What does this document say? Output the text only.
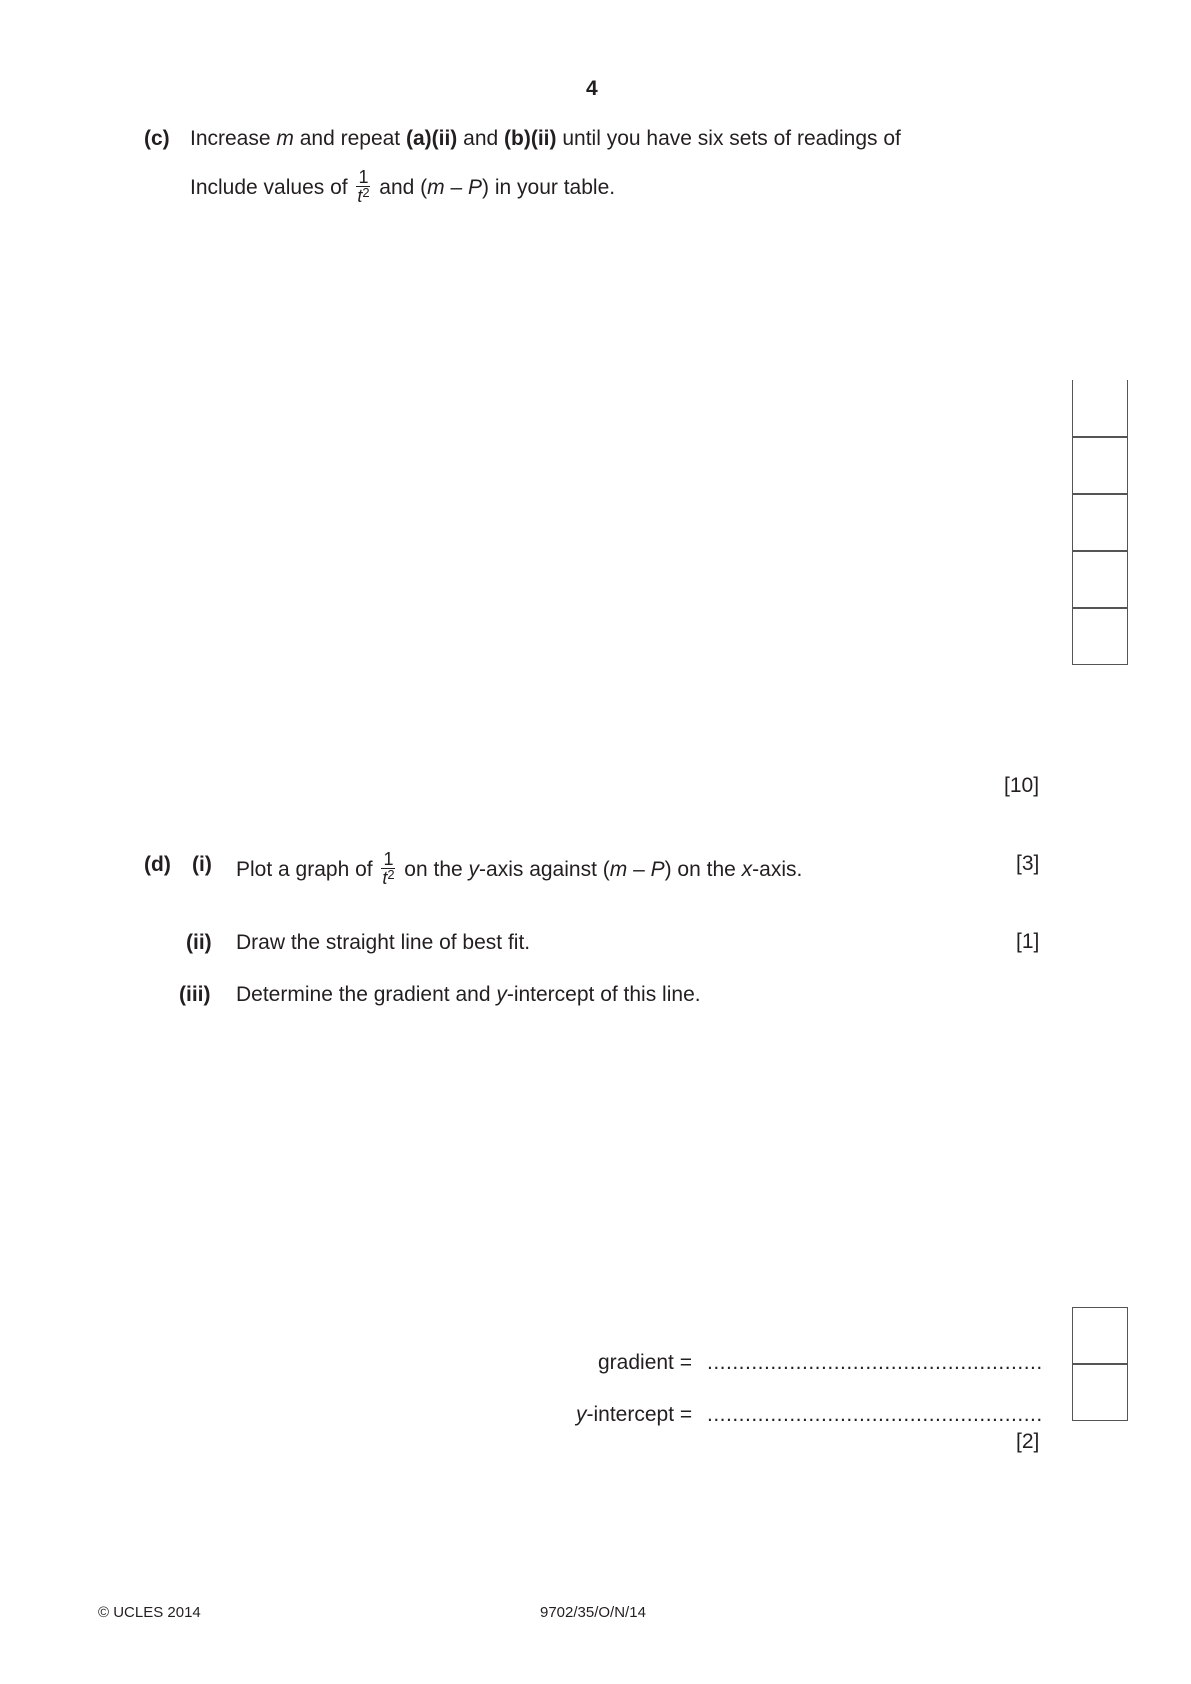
4
(c) Increase m and repeat (a)(ii) and (b)(ii) until you have six sets of readings of
Include values of $\frac{1}{t^2}$ and (m – P) in your table.
[10]
(d) (i) Plot a graph of $\frac{1}{t^2}$ on the y-axis against (m – P) on the x-axis.	[3]
(ii) Draw the straight line of best fit.	[1]
(iii) Determine the gradient and y-intercept of this line.
gradient = .....................................................
y-intercept = .....................................................
[2]
© UCLES 2014	9702/35/O/N/14
